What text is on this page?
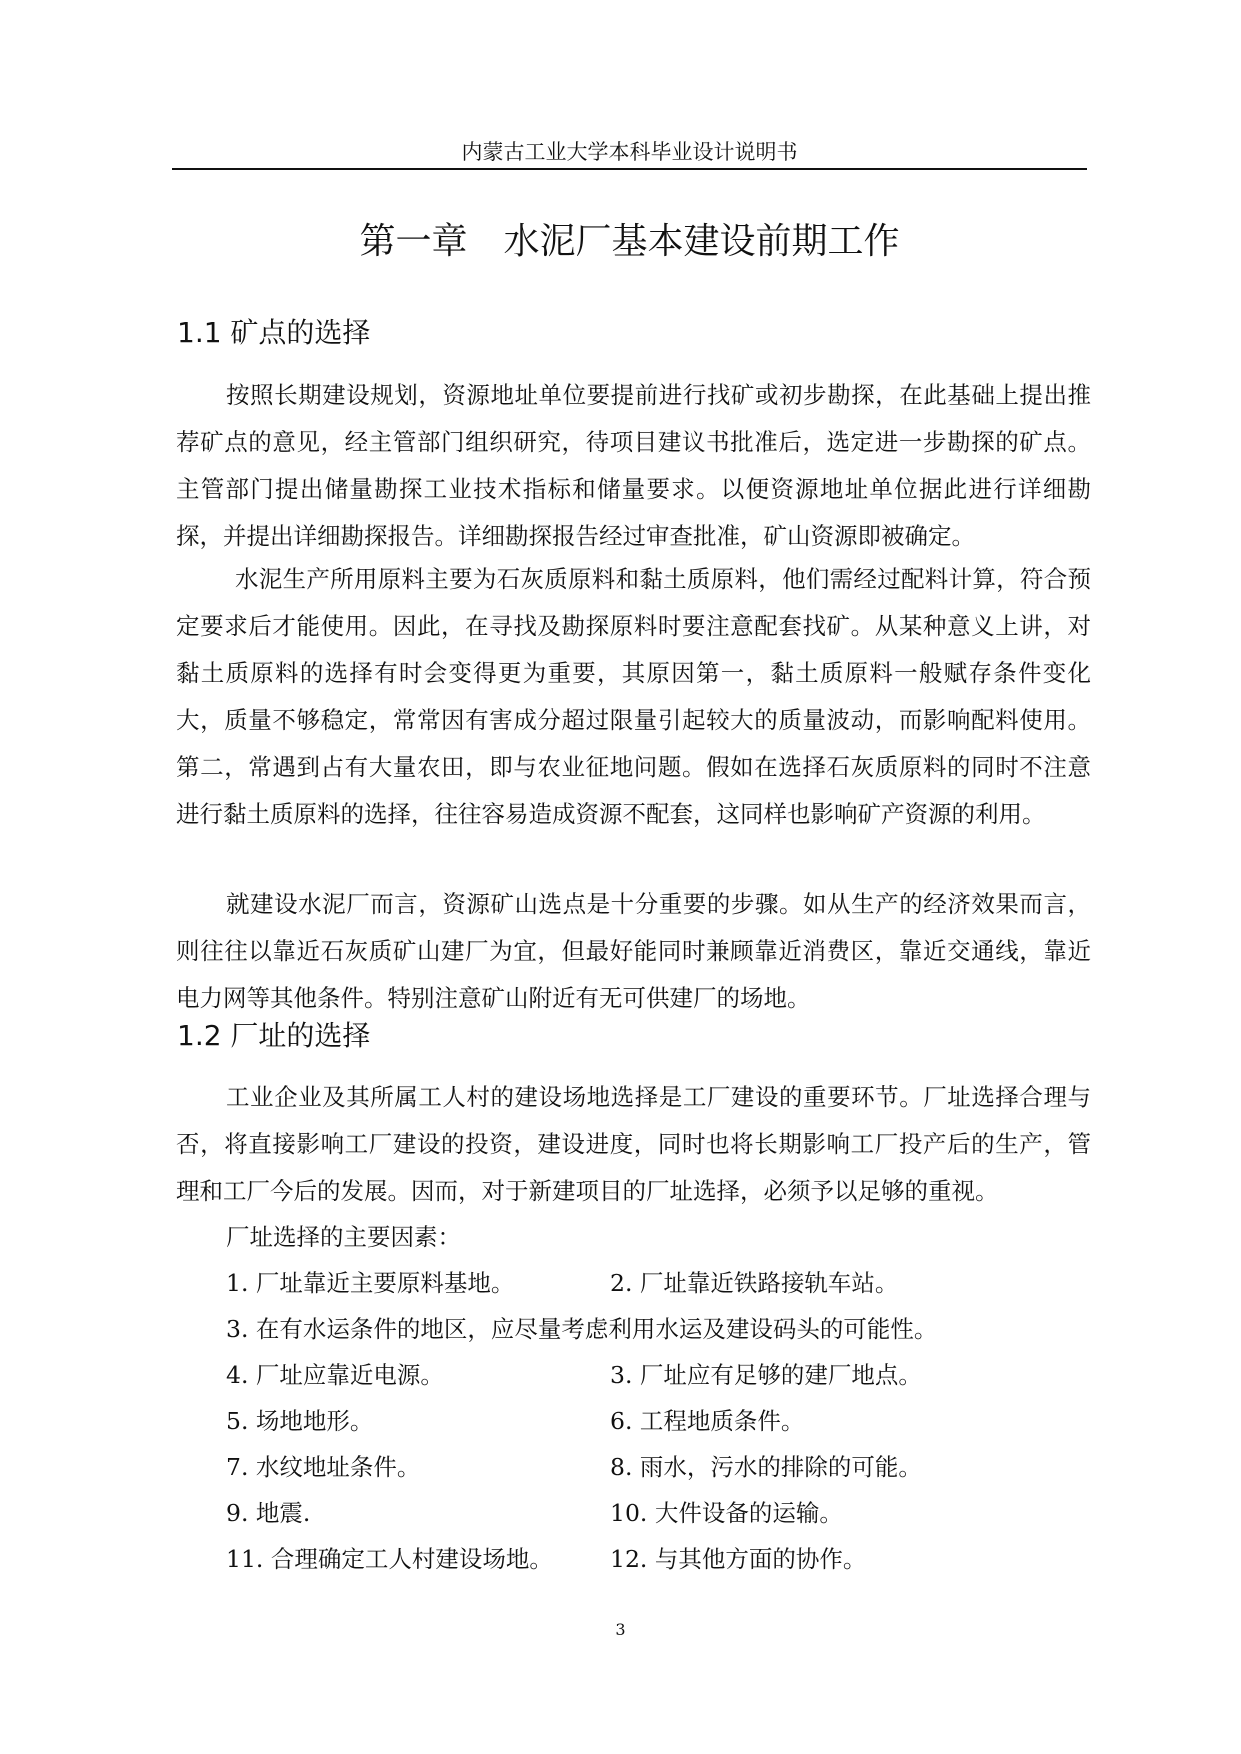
内蒙古工业大学本科毕业设计说明书
第一章　水泥厂基本建设前期工作
1.1 矿点的选择

按照长期建设规划，资源地址单位要提前进行找矿或初步勘探，在此基础上提出推荐矿点的意见，经主管部门组织研究，待项目建议书批准后，选定进一步勘探的矿点。主管部门提出储量勘探工业技术指标和储量要求。以便资源地址单位据此进行详细勘探，并提出详细勘探报告。详细勘探报告经过审查批准，矿山资源即被确定。

水泥生产所用原料主要为石灰质原料和黏土质原料，他们需经过配料计算，符合预定要求后才能使用。因此，在寻找及勘探原料时要注意配套找矿。从某种意义上讲，对黏土质原料的选择有时会变得更为重要，其原因第一，黏土质原料一般赋存条件变化大，质量不够稳定，常常因有害成分超过限量引起较大的质量波动，而影响配料使用。第二，常遇到占有大量农田，即与农业征地问题。假如在选择石灰质原料的同时不注意进行黏土质原料的选择，往往容易造成资源不配套，这同样也影响矿产资源的利用。

就建设水泥厂而言，资源矿山选点是十分重要的步骤。如从生产的经济效果而言，则往往以靠近石灰质矿山建厂为宜，但最好能同时兼顾靠近消费区，靠近交通线，靠近电力网等其他条件。特别注意矿山附近有无可供建厂的场地。

1.2 厂址的选择

工业企业及其所属工人村的建设场地选择是工厂建设的重要环节。厂址选择合理与否，将直接影响工厂建设的投资，建设进度，同时也将长期影响工厂投产后的生产，管理和工厂今后的发展。因而，对于新建项目的厂址选择，必须予以足够的重视。

厂址选择的主要因素：

1. 厂址靠近主要原料基地。	2. 厂址靠近铁路接轨车站。
3. 在有水运条件的地区，应尽量考虑利用水运及建设码头的可能性。
4. 厂址应靠近电源。	3. 厂址应有足够的建厂地点。
5. 场地地形。	6. 工程地质条件。
7. 水纹地址条件。	8. 雨水，污水的排除的可能。
9. 地震.	10. 大件设备的运输。
11. 合理确定工人村建设场地。 12. 与其他方面的协作。
3
